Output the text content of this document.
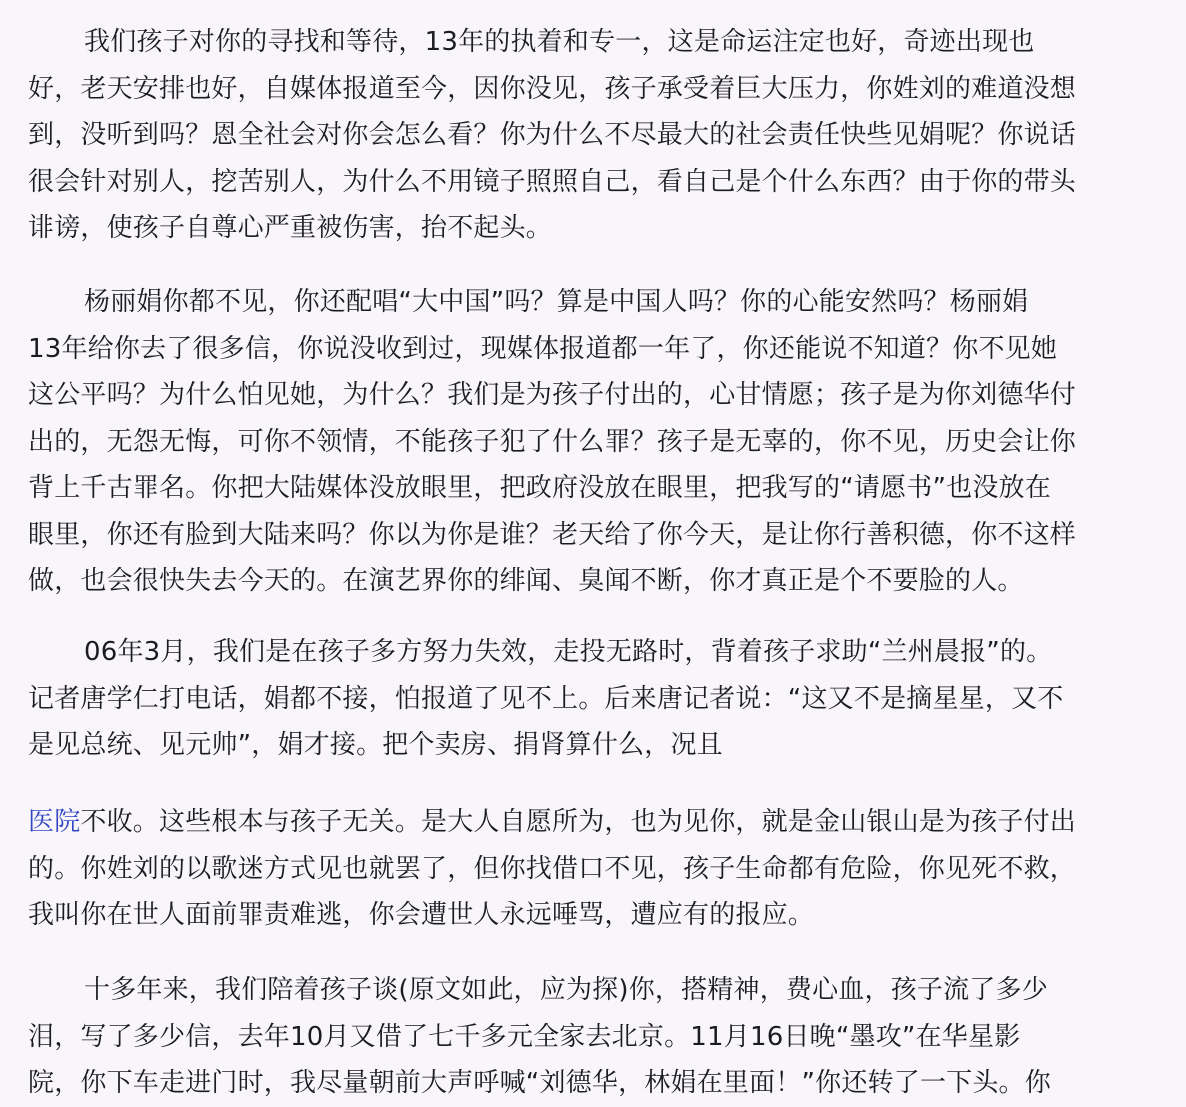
我们孩子对你的寻找和等待，13年的执着和专一，这是命运注定也好，奇迹出现也
好，老天安排也好，自媒体报道至今，因你没见，孩子承受着巨大压力，你姓刘的难道没想
到，没听到吗？恩全社会对你会怎么看？你为什么不尽最大的社会责任快些见娟呢？你说话
很会针对别人，挖苦别人，为什么不用镜子照照自己，看自己是个什么东西？由于你的带头
诽谤，使孩子自尊心严重被伤害，抬不起头。

杨丽娟你都不见，你还配唱“大中国”吗？算是中国人吗？你的心能安然吗？杨丽娟
13年给你去了很多信，你说没收到过，现媒体报道都一年了，你还能说不知道？你不见她
这公平吗？为什么怕见她，为什么？我们是为孩子付出的，心甘情愿；孩子是为你刘德华付
出的，无怨无悔，可你不领情，不能孩子犯了什么罪？孩子是无辜的，你不见，历史会让你
背上千古罪名。你把大陆媒体没放眼里，把政府没放在眼里，把我写的“请愿书”也没放在
眼里，你还有脸到大陆来吗？你以为你是谁？老天给了你今天，是让你行善积德，你不这样
做，也会很快失去今天的。在演艺界你的绯闻、臭闻不断，你才真正是个不要脸的人。

06年3月，我们是在孩子多方努力失效，走投无路时，背着孩子求助“兰州晨报”的。
记者唐学仁打电话，娟都不接，怕报道了见不上。后来唐记者说：“这又不是摘星星，又不
是见总统、见元帅”，娟才接。把个卖房、捐肾算什么，况且

医院不收。这些根本与孩子无关。是大人自愿所为，也为见你，就是金山银山是为孩子付出
的。你姓刘的以歌迷方式见也就罢了，但你找借口不见，孩子生命都有危险，你见死不救，
我叫你在世人面前罪责难逃，你会遭世人永远唾骂，遭应有的报应。

十多年来，我们陪着孩子谈(原文如此，应为探)你，搭精神，费心血，孩子流了多少
泪，写了多少信，去年10月又借了七千多元全家去北京。11月16日晚“墨攻”在华星影
院，你下车走进门时，我尽量朝前大声呼喊“刘德华，林娟在里面！”你还转了一下头。你
